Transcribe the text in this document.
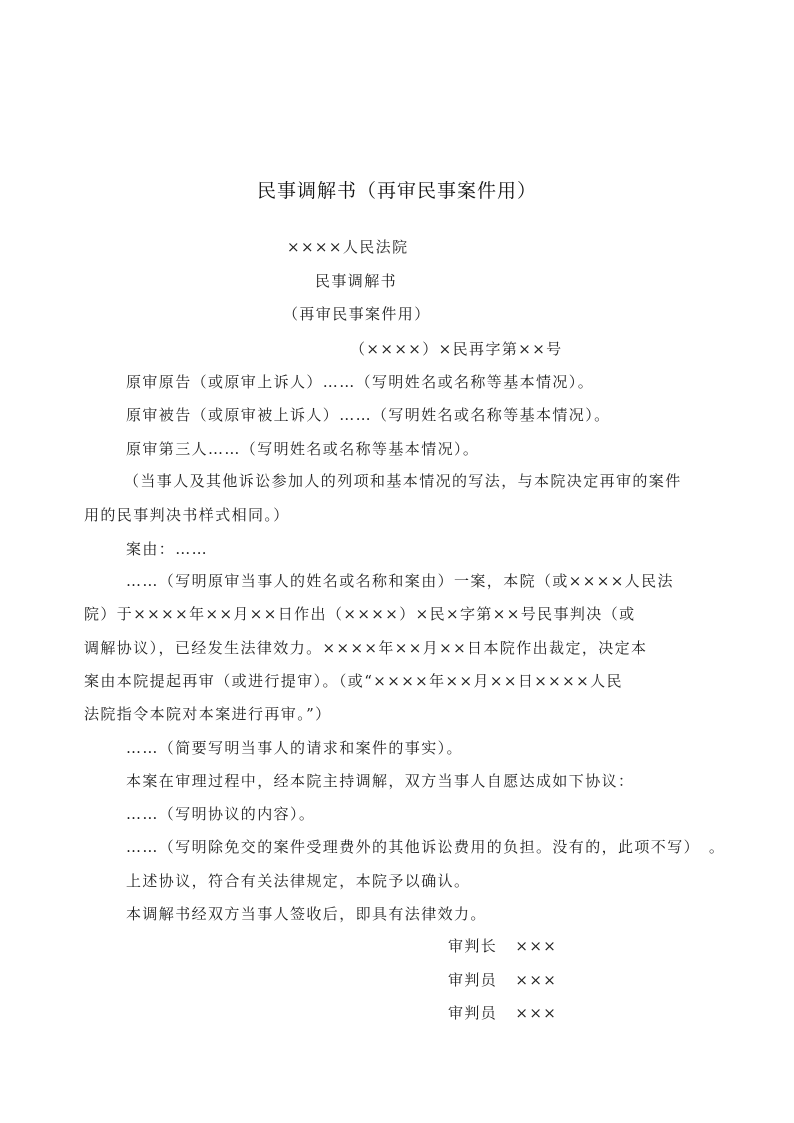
民事调解书（再审民事案件用）
××××人民法院
民事调解书
（再审民事案件用）
（××××）×民再字第××号
原审原告（或原审上诉人）……（写明姓名或名称等基本情况）。
原审被告（或原审被上诉人）……（写明姓名或名称等基本情况）。
原审第三人……（写明姓名或名称等基本情况）。
（当事人及其他诉讼参加人的列项和基本情况的写法，与本院决定再审的案件
用的民事判决书样式相同。）
案由：……
……（写明原审当事人的姓名或名称和案由）一案，本院（或××××人民法
院）于××××年××月××日作出（××××）×民×字第××号民事判决（或
调解协议），已经发生法律效力。××××年××月××日本院作出裁定，决定本
案由本院提起再审（或进行提审）。（或“××××年××月××日××××人民
法院指令本院对本案进行再审。”）
……（简要写明当事人的请求和案件的事实）。
本案在审理过程中，经本院主持调解，双方当事人自愿达成如下协议：
……（写明协议的内容）。
……（写明除免交的案件受理费外的其他诉讼费用的负担。没有的，此项不写）　。
上述协议，符合有关法律规定，本院予以确认。
本调解书经双方当事人签收后，即具有法律效力。
审判长 ×××
审判员 ×××
审判员 ×××
